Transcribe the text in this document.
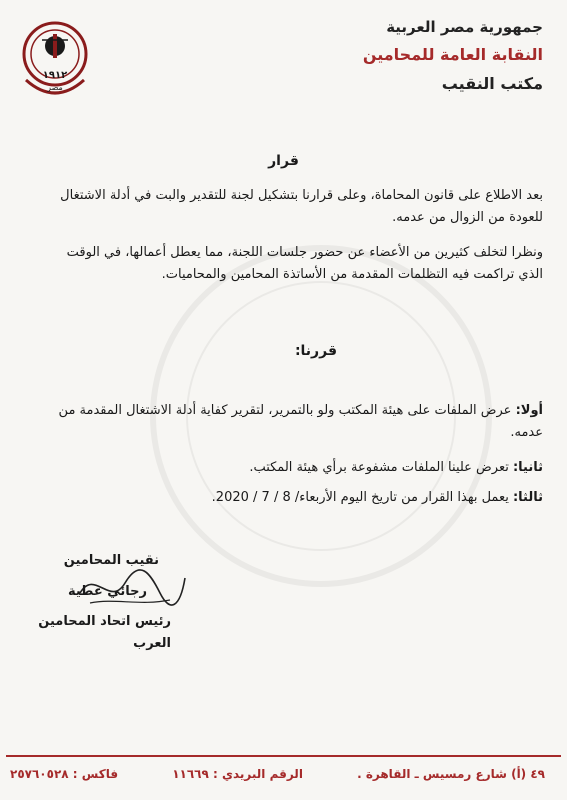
١٩١٢
مصر
جمهورية مصر العربية
النقابة العامة للمحامين
مكتب النقيب
قرار
بعد الاطلاع على قانون المحاماة، وعلى قرارنا بتشكيل لجنة للتقدير والبت في أدلة الاشتغال للعودة من الزوال من عدمه.
ونظرا لتخلف كثيرين من الأعضاء عن حضور جلسات اللجنة، مما يعطل أعمالها، في الوقت الذي تراكمت فيه التظلمات المقدمة من الأساتذة المحامين والمحاميات.
قررنا:
أولا: عرض الملفات على هيئة المكتب ولو بالتمرير، لتقرير كفاية أدلة الاشتغال المقدمة من عدمه.
ثانيا: تعرض علينا الملفات مشفوعة برأي هيئة المكتب.
ثالثا: يعمل بهذا القرار من تاريخ اليوم الأربعاء/ 8 / 7 / 2020.
نقيب المحامين
رجائي عطية
رئيس اتحاد المحامين العرب
٤٩ (أ) شارع رمسيس ـ القاهرة .
الرقم البريدي : ١١٦٦٩
فاكس : ٢٥٧٦٠٥٢٨
